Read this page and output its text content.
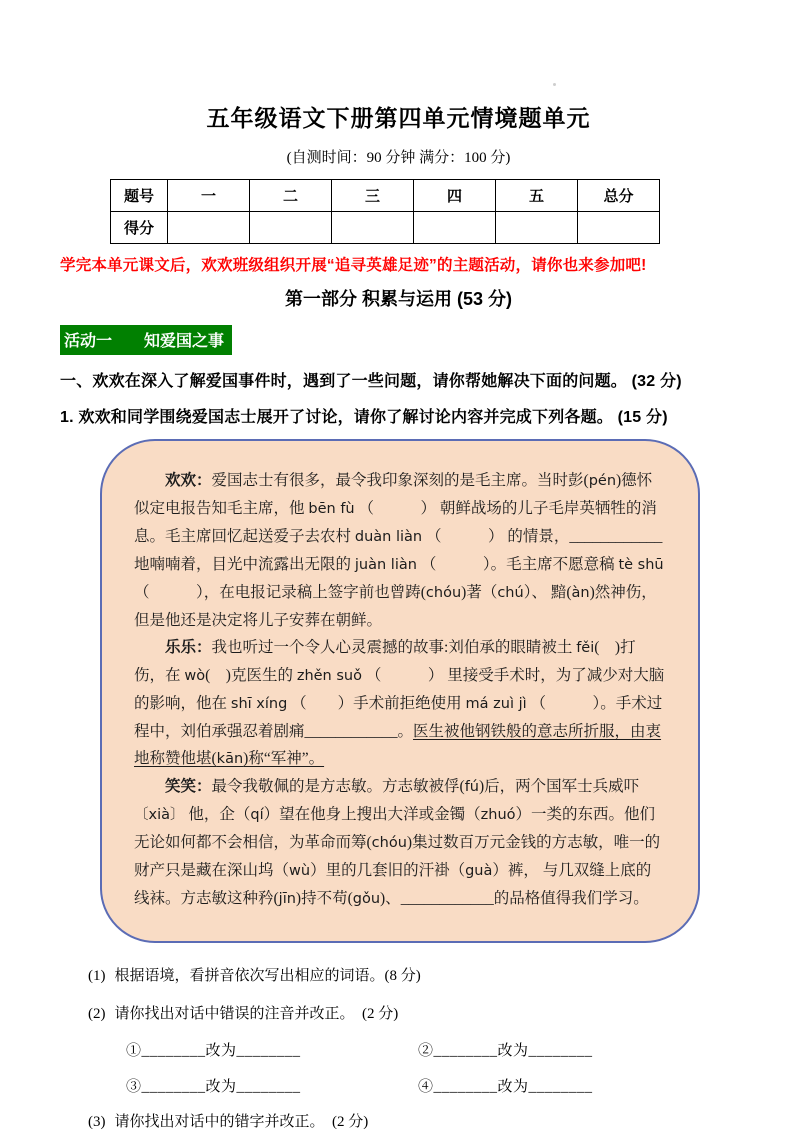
五年级语文下册第四单元情境题单元
(自测时间：90 分钟 满分：100 分)
题号	一	二	三	四	五	总分
得分						
学完本单元课文后，欢欢班级组织开展“追寻英雄足迹”的主题活动，请你也来参加吧!
第一部分 积累与运用 (53 分)
活动一　　知爱国之事
一、欢欢在深入了解爱国事件时，遇到了一些问题，请你帮她解决下面的问题。 (32 分)
1. 欢欢和同学围绕爱国志士展开了讨论，请你了解讨论内容并完成下列各题。 (15 分)

欢欢：爱国志士有很多，最令我印象深刻的是毛主席。当时彭(pén)德怀似定电报告知毛主席，他 bēn fù （　　　） 朝鲜战场的儿子毛岸英牺牲的消息。毛主席回忆起送爱子去农村 duàn liàn （　　　） 的情景，____________地喃喃着，目光中流露出无限的 juàn liàn （　　　）。毛主席不愿意稿 tè shū （　　　），在电报记录稿上签字前也曾踌(chóu)著（chú）、 黯(àn)然神伤，但是他还是决定将儿子安葬在朝鲜。

乐乐：我也听过一个令人心灵震撼的故事:刘伯承的眼睛被土 fěi(　)打伤，在 wò(　)克医生的 zhěn suǒ （　　　） 里接受手术时，为了减少对大脑的影响，他在 shī xíng （　　）手术前拒绝使用 má zuì jì （　　　）。手术过程中，刘伯承强忍着剧痛____________。医生被他钢铁般的意志所折服，由衷地称赞他堪(kān)称“军神”。

笑笑：最令我敬佩的是方志敏。方志敏被俘(fú)后，两个国军士兵威吓 〔xià〕 他，企（qí）望在他身上搜出大洋或金镯（zhuó）一类的东西。他们无论如何都不会相信，为革命而筹(chóu)集过数百万元金钱的方志敏，唯一的财产只是藏在深山坞（wù）里的几套旧的汗褂（guà）裤， 与几双缝上底的线袜。方志敏这种矜(jīn)持不苟(gǒu)、____________的品格值得我们学习。

(1) 根据语境，看拼音依次写出相应的词语。(8 分)
(2) 请你找出对话中错误的注音并改正。　(2 分)
①________改为________	②________改为________
③________改为________	④________改为________
(3) 请你找出对话中的错字并改正。　(2 分)
